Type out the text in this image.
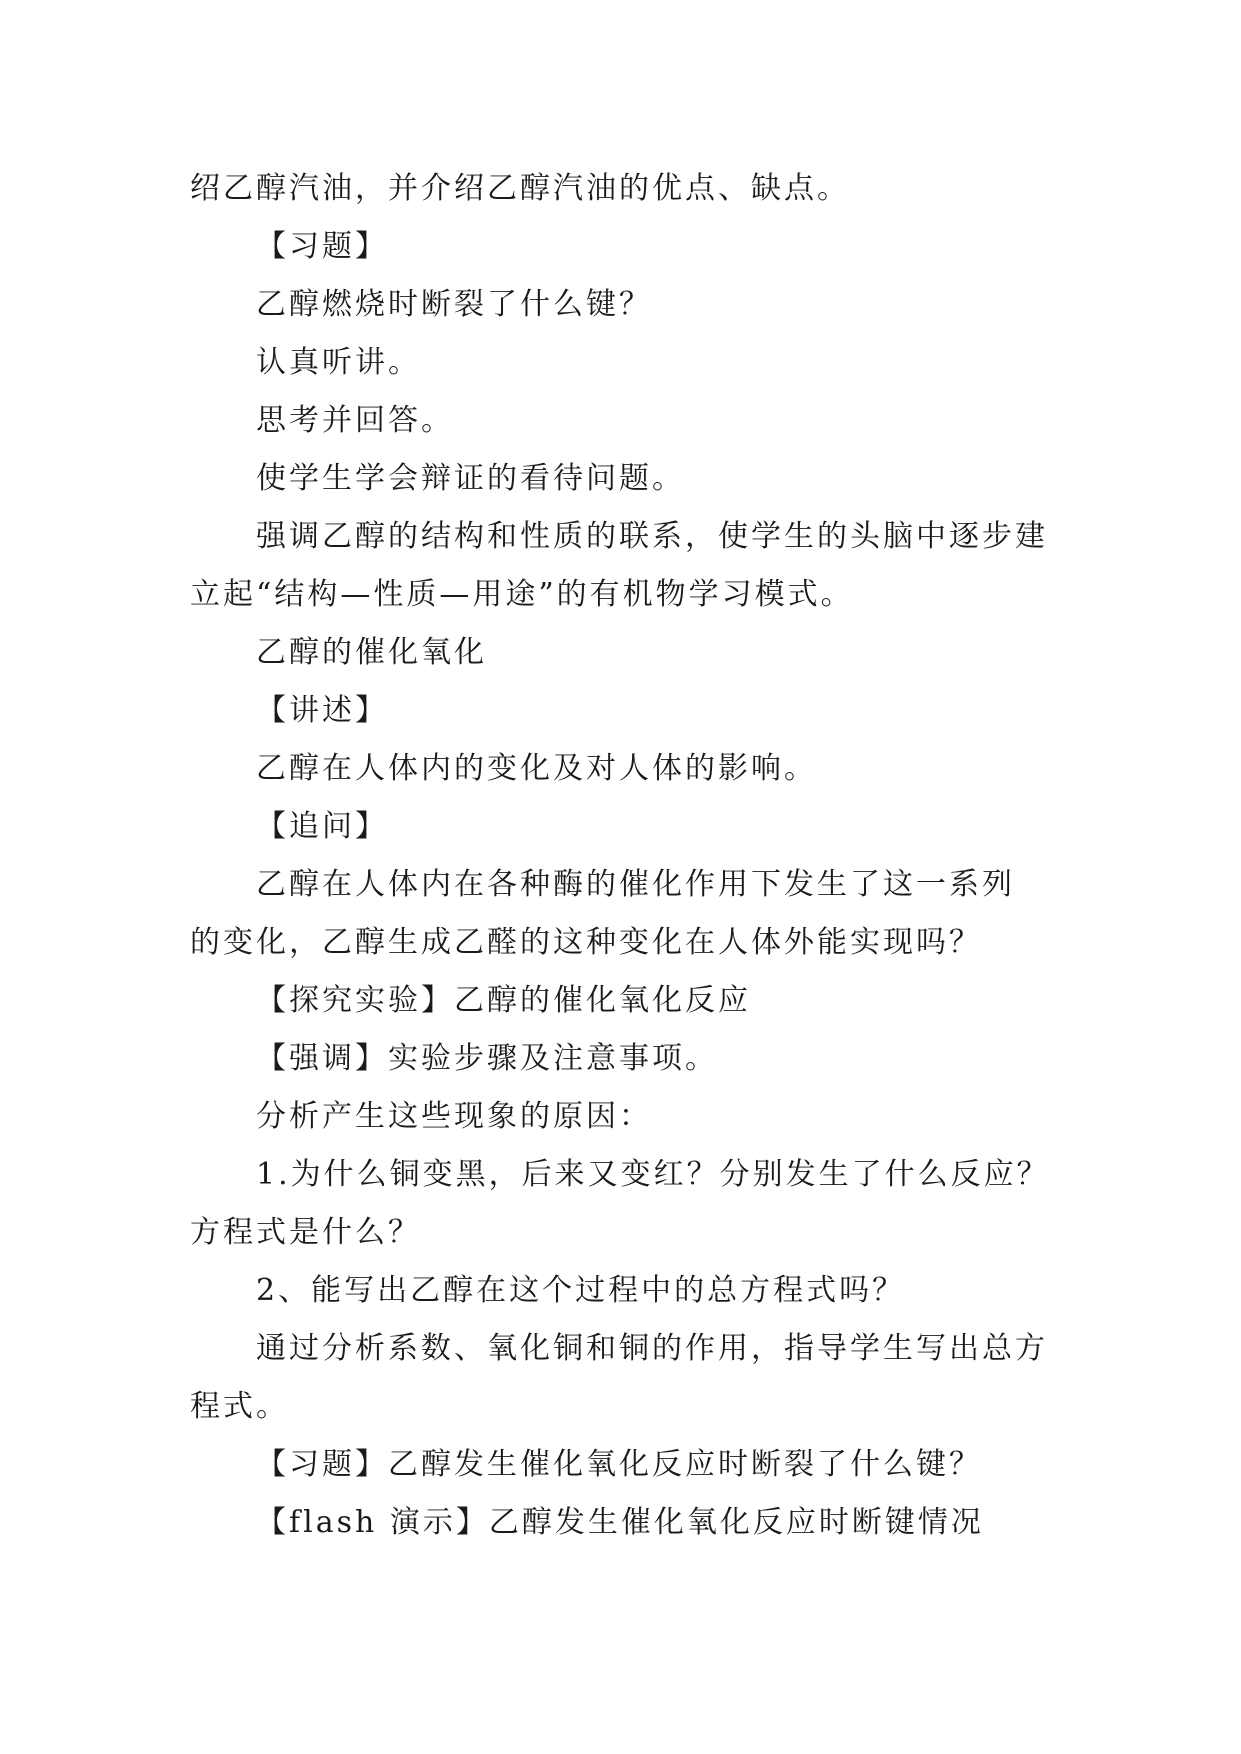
绍乙醇汽油，并介绍乙醇汽油的优点、缺点。

【习题】

乙醇燃烧时断裂了什么键？

认真听讲。

思考并回答。

使学生学会辩证的看待问题。

强调乙醇的结构和性质的联系，使学生的头脑中逐步建

立起“结构—性质—用途”的有机物学习模式。

乙醇的催化氧化

【讲述】

乙醇在人体内的变化及对人体的影响。

【追问】

乙醇在人体内在各种酶的催化作用下发生了这一系列

的变化，乙醇生成乙醛的这种变化在人体外能实现吗？

【探究实验】乙醇的催化氧化反应

【强调】实验步骤及注意事项。

分析产生这些现象的原因：

1.为什么铜变黑，后来又变红？分别发生了什么反应？

方程式是什么？

2、能写出乙醇在这个过程中的总方程式吗？

通过分析系数、氧化铜和铜的作用，指导学生写出总方

程式。

【习题】乙醇发生催化氧化反应时断裂了什么键？

【flash 演示】乙醇发生催化氧化反应时断键情况
